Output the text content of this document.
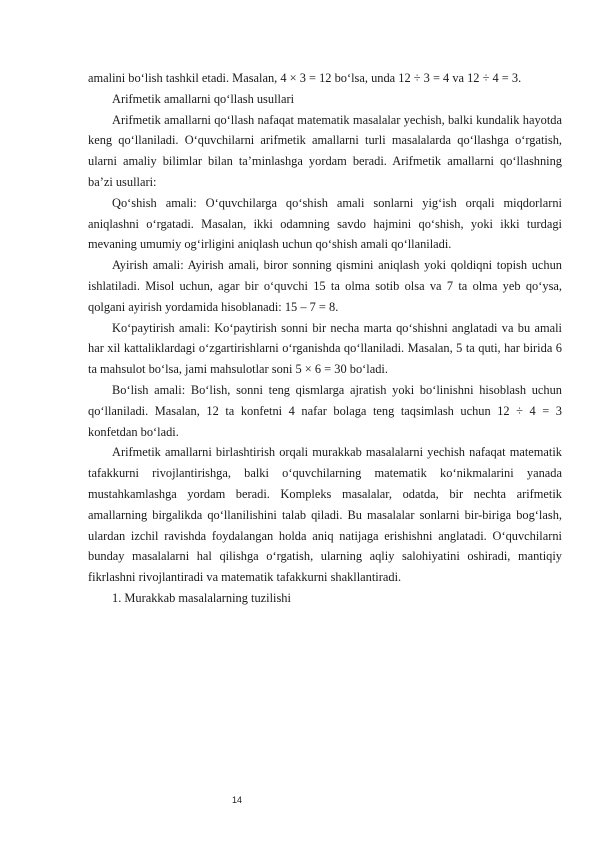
amalini bo‘lish tashkil etadi. Masalan, 4 × 3 = 12 bo‘lsa, unda 12 ÷ 3 = 4 va 12 ÷ 4 = 3.

Arifmetik amallarni qo‘llash usullari

Arifmetik amallarni qo‘llash nafaqat matematik masalalar yechish, balki kundalik hayotda keng qo‘llaniladi. O‘quvchilarni arifmetik amallarni turli masalalarda qo‘llashga o‘rgatish, ularni amaliy bilimlar bilan ta’minlashga yordam beradi. Arifmetik amallarni qo‘llashning ba’zi usullari:

Qo‘shish amali: O‘quvchilarga qo‘shish amali sonlarni yig‘ish orqali miqdorlarni aniqlashni o‘rgatadi. Masalan, ikki odamning savdo hajmini qo‘shish, yoki ikki turdagi mevaning umumiy og‘irligini aniqlash uchun qo‘shish amali qo‘llaniladi.

Ayirish amali: Ayirish amali, biror sonning qismini aniqlash yoki qoldiqni topish uchun ishlatiladi. Misol uchun, agar bir o‘quvchi 15 ta olma sotib olsa va 7 ta olma yeb qo‘ysa, qolgani ayirish yordamida hisoblanadi: 15 – 7 = 8.

Ko‘paytirish amali: Ko‘paytirish sonni bir necha marta qo‘shishni anglatadi va bu amali har xil kattaliklardagi o‘zgartirishlarni o‘rganishda qo‘llaniladi. Masalan, 5 ta quti, har birida 6 ta mahsulot bo‘lsa, jami mahsulotlar soni 5 × 6 = 30 bo‘ladi.

Bo‘lish amali: Bo‘lish, sonni teng qismlarga ajratish yoki bo‘linishni hisoblash uchun qo‘llaniladi. Masalan, 12 ta konfetni 4 nafar bolaga teng taqsimlash uchun 12 ÷ 4 = 3 konfetdan bo‘ladi.

Arifmetik amallarni birlashtirish orqali murakkab masalalarni yechish nafaqat matematik tafakkurni rivojlantirishga, balki o‘quvchilarning matematik ko‘nikmalarini yanada mustahkamlashga yordam beradi. Kompleks masalalar, odatda, bir nechta arifmetik amallarning birgalikda qo‘llanilishini talab qiladi. Bu masalalar sonlarni bir-biriga bog‘lash, ulardan izchil ravishda foydalangan holda aniq natijaga erishishni anglatadi. O‘quvchilarni bunday masalalarni hal qilishga o‘rgatish, ularning aqliy salohiyatini oshiradi, mantiqiy fikrlashni rivojlantiradi va matematik tafakkurni shakllantiradi.

1. Murakkab masalalarning tuzilishi

14
